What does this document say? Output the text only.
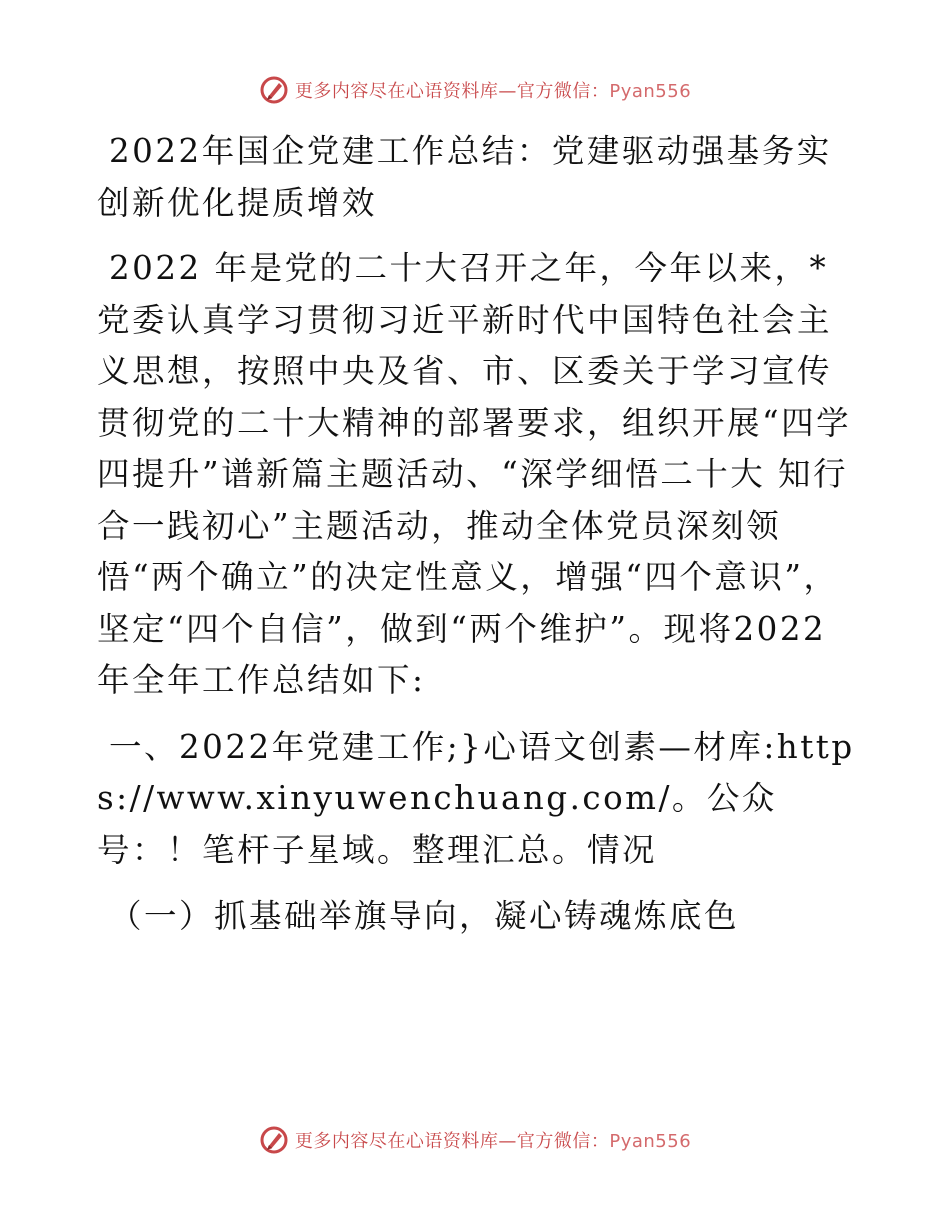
更多内容尽在心语资料库—官方微信：Pyan556

2022年国企党建工作总结：党建驱动强基务实 创新优化提质增效

2022 年是党的二十大召开之年，今年以来，*党委认真学习贯彻习近平新时代中国特色社会主义思想，按照中央及省、市、区委关于学习宣传贯彻党的二十大精神的部署要求，组织开展“四学四提升”谱新篇主题活动、“深学细悟二十大 知行合一践初心”主题活动，推动全体党员深刻领悟“两个确立”的决定性意义，增强“四个意识”， 坚定“四个自信”，做到“两个维护”。现将2022年全年工作总结如下:

一、2022年党建工作;}心语文创素—材库:https://www.xinyuwenchuang.com/。公众号：！笔杆子星域。整理汇总。情况

（一）抓基础举旗导向，凝心铸魂炼底色

更多内容尽在心语资料库—官方微信：Pyan556
